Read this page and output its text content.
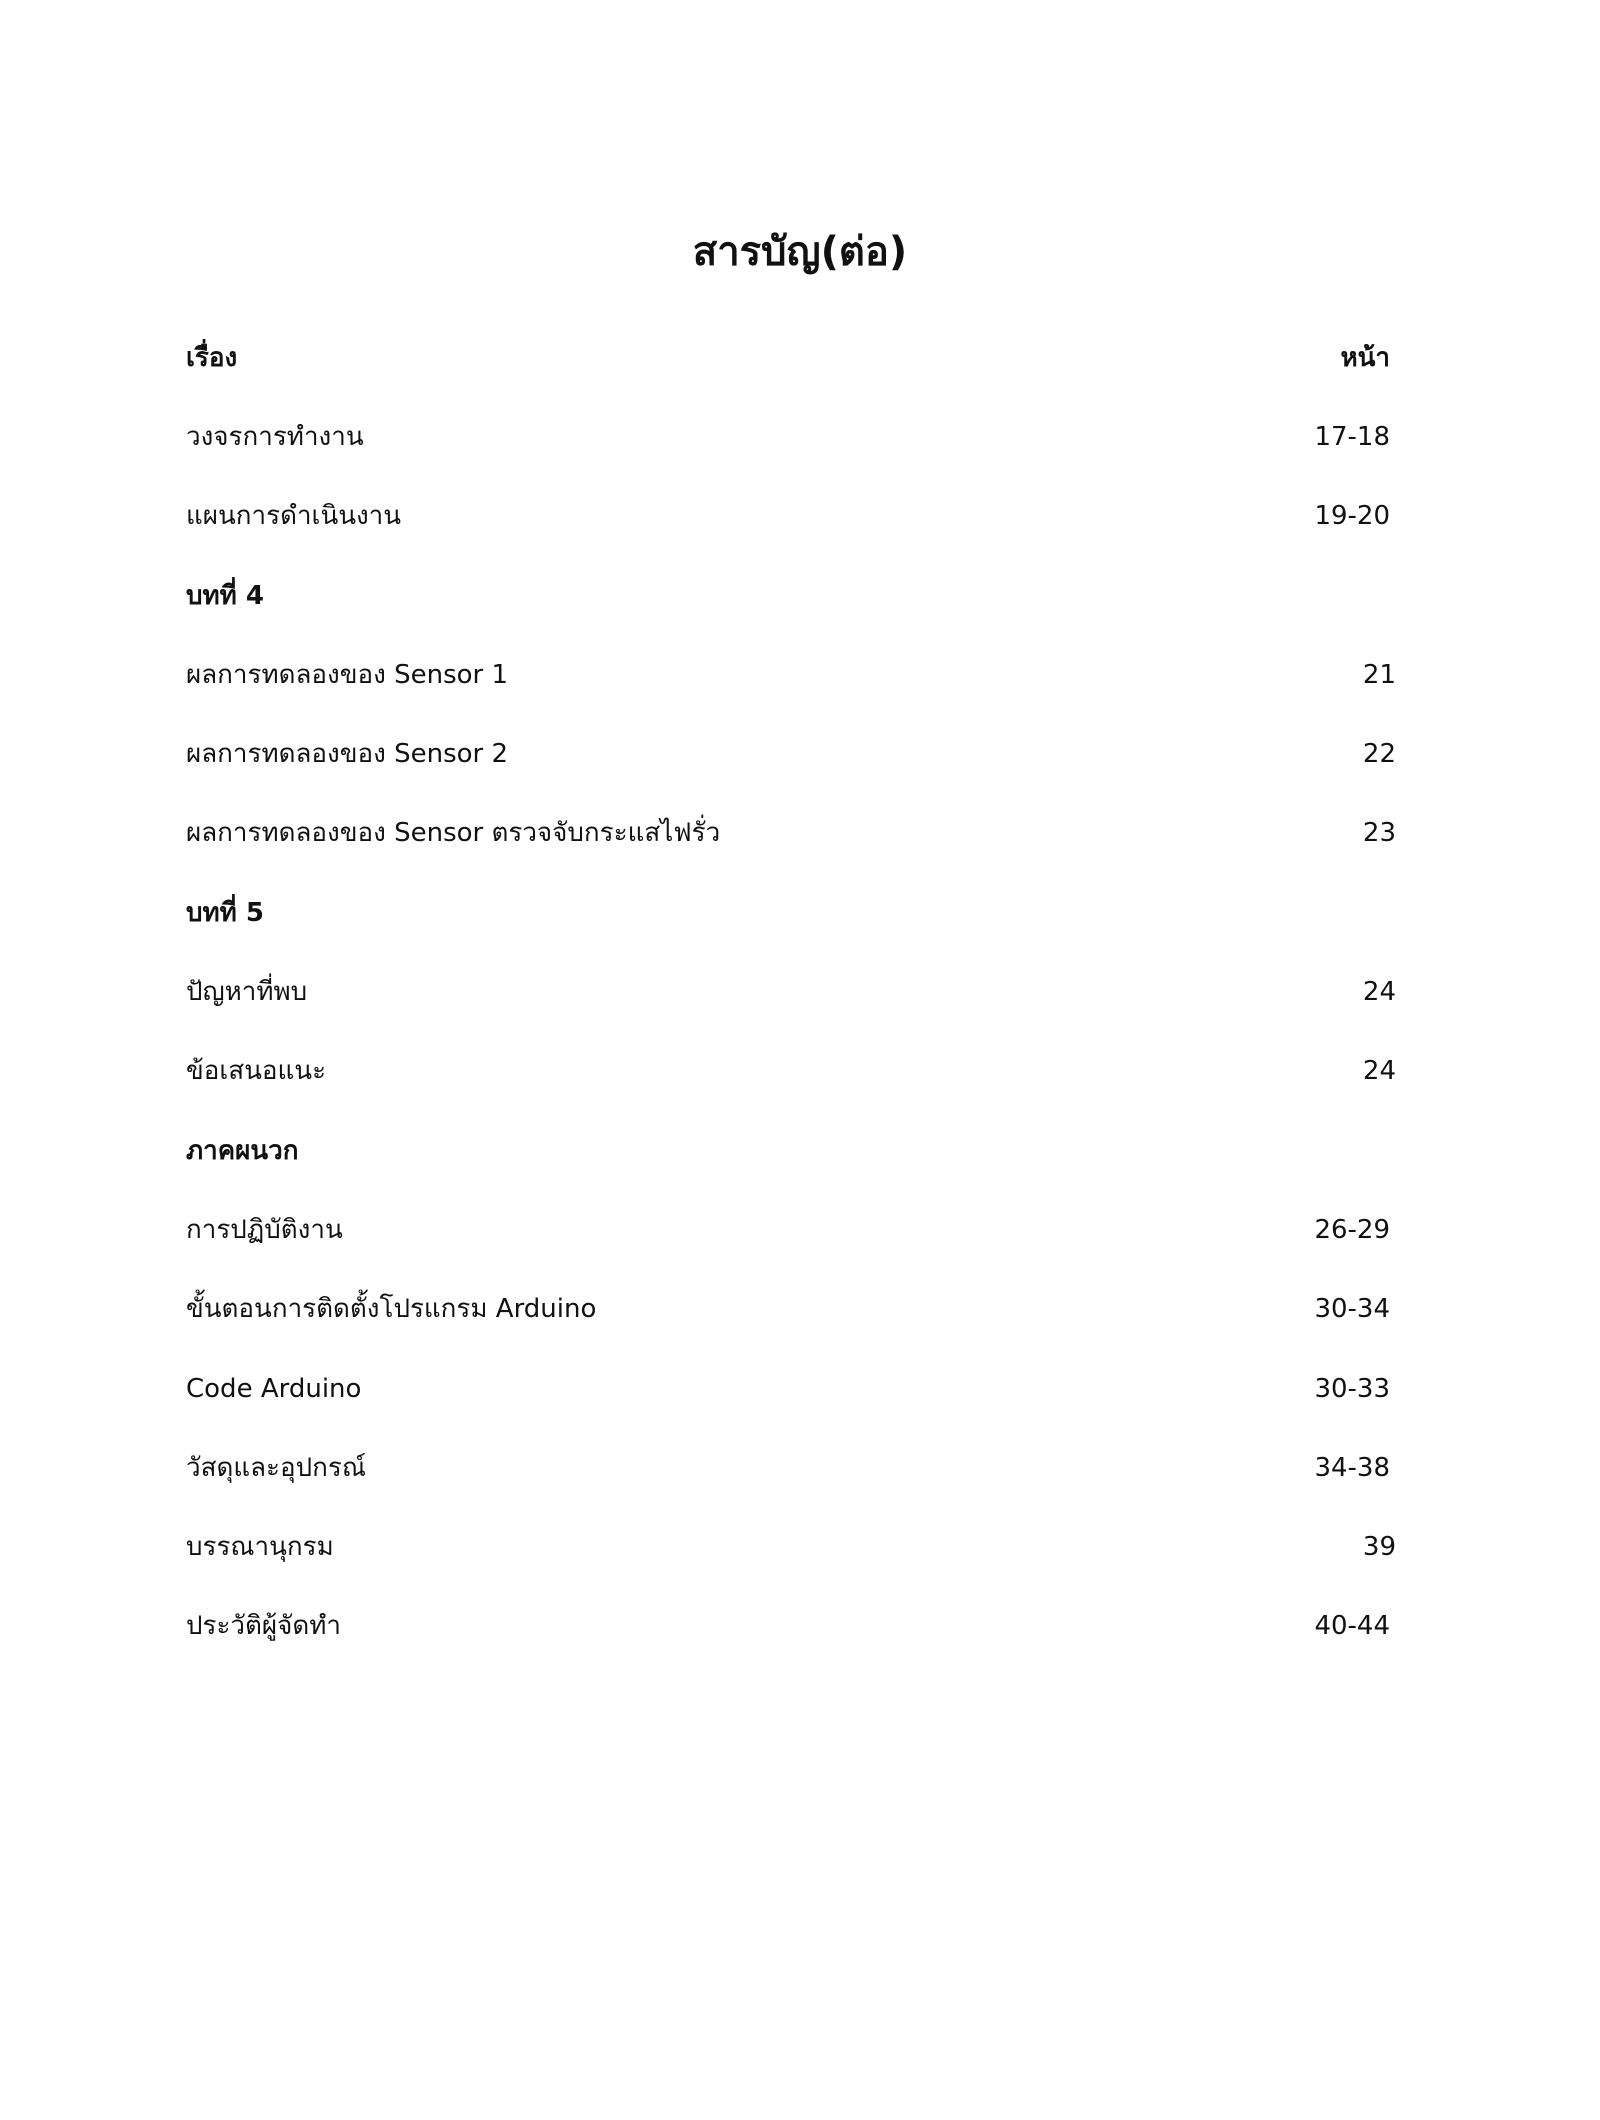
สารบัญ(ต่อ)
เรื่อง	หน้า
วงจรการทำงาน	17-18
แผนการดำเนินงาน	19-20
บทที่ 4
ผลการทดลองของ Sensor 1	21
ผลการทดลองของ Sensor 2	22
ผลการทดลองของ Sensor ตรวจจับกระแสไฟรั่ว	23
บทที่ 5
ปัญหาที่พบ	24
ข้อเสนอแนะ	24
ภาคผนวก
การปฏิบัติงาน	26-29
ขั้นตอนการติดตั้งโปรแกรม Arduino	30-34
Code Arduino	30-33
วัสดุและอุปกรณ์	34-38
บรรณานุกรม	39
ประวัติผู้จัดทำ	40-44
